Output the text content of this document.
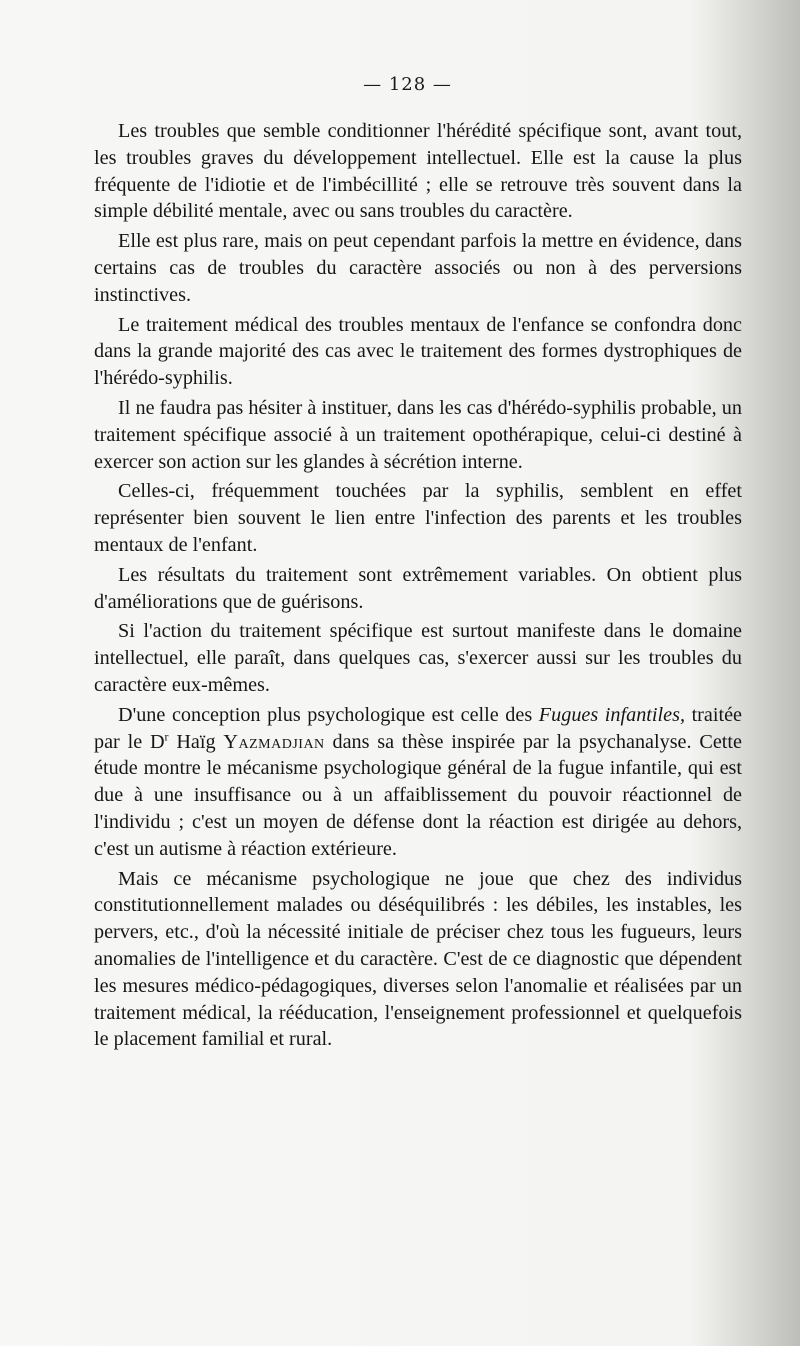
— 128 —

Les troubles que semble conditionner l'hérédité spécifique sont, avant tout, les troubles graves du développement intellectuel. Elle est la cause la plus fréquente de l'idiotie et de l'imbécillité ; elle se retrouve très souvent dans la simple débilité mentale, avec ou sans troubles du caractère.

Elle est plus rare, mais on peut cependant parfois la mettre en évidence, dans certains cas de troubles du caractère associés ou non à des perversions instinctives.

Le traitement médical des troubles mentaux de l'enfance se confondra donc dans la grande majorité des cas avec le traitement des formes dystrophiques de l'hérédo-syphilis.

Il ne faudra pas hésiter à instituer, dans les cas d'hérédo-syphilis probable, un traitement spécifique associé à un traitement opothérapique, celui-ci destiné à exercer son action sur les glandes à sécrétion interne.

Celles-ci, fréquemment touchées par la syphilis, semblent en effet représenter bien souvent le lien entre l'infection des parents et les troubles mentaux de l'enfant.

Les résultats du traitement sont extrêmement variables. On obtient plus d'améliorations que de guérisons.

Si l'action du traitement spécifique est surtout manifeste dans le domaine intellectuel, elle paraît, dans quelques cas, s'exercer aussi sur les troubles du caractère eux-mêmes.

D'une conception plus psychologique est celle des Fugues infantiles, traitée par le $D^r$ Haïg Yazmadjian dans sa thèse inspirée par la psychanalyse. Cette étude montre le mécanisme psychologique général de la fugue infantile, qui est due à une insuffisance ou à un affaiblissement du pouvoir réactionnel de l'individu ; c'est un moyen de défense dont la réaction est dirigée au dehors, c'est un autisme à réaction extérieure.

Mais ce mécanisme psychologique ne joue que chez des individus constitutionnellement malades ou déséquilibrés : les débiles, les instables, les pervers, etc., d'où la nécessité initiale de préciser chez tous les fugueurs, leurs anomalies de l'intelligence et du caractère. C'est de ce diagnostic que dépendent les mesures médico-pédagogiques, diverses selon l'anomalie et réalisées par un traitement médical, la rééducation, l'enseignement professionnel et quelquefois le placement familial et rural.
